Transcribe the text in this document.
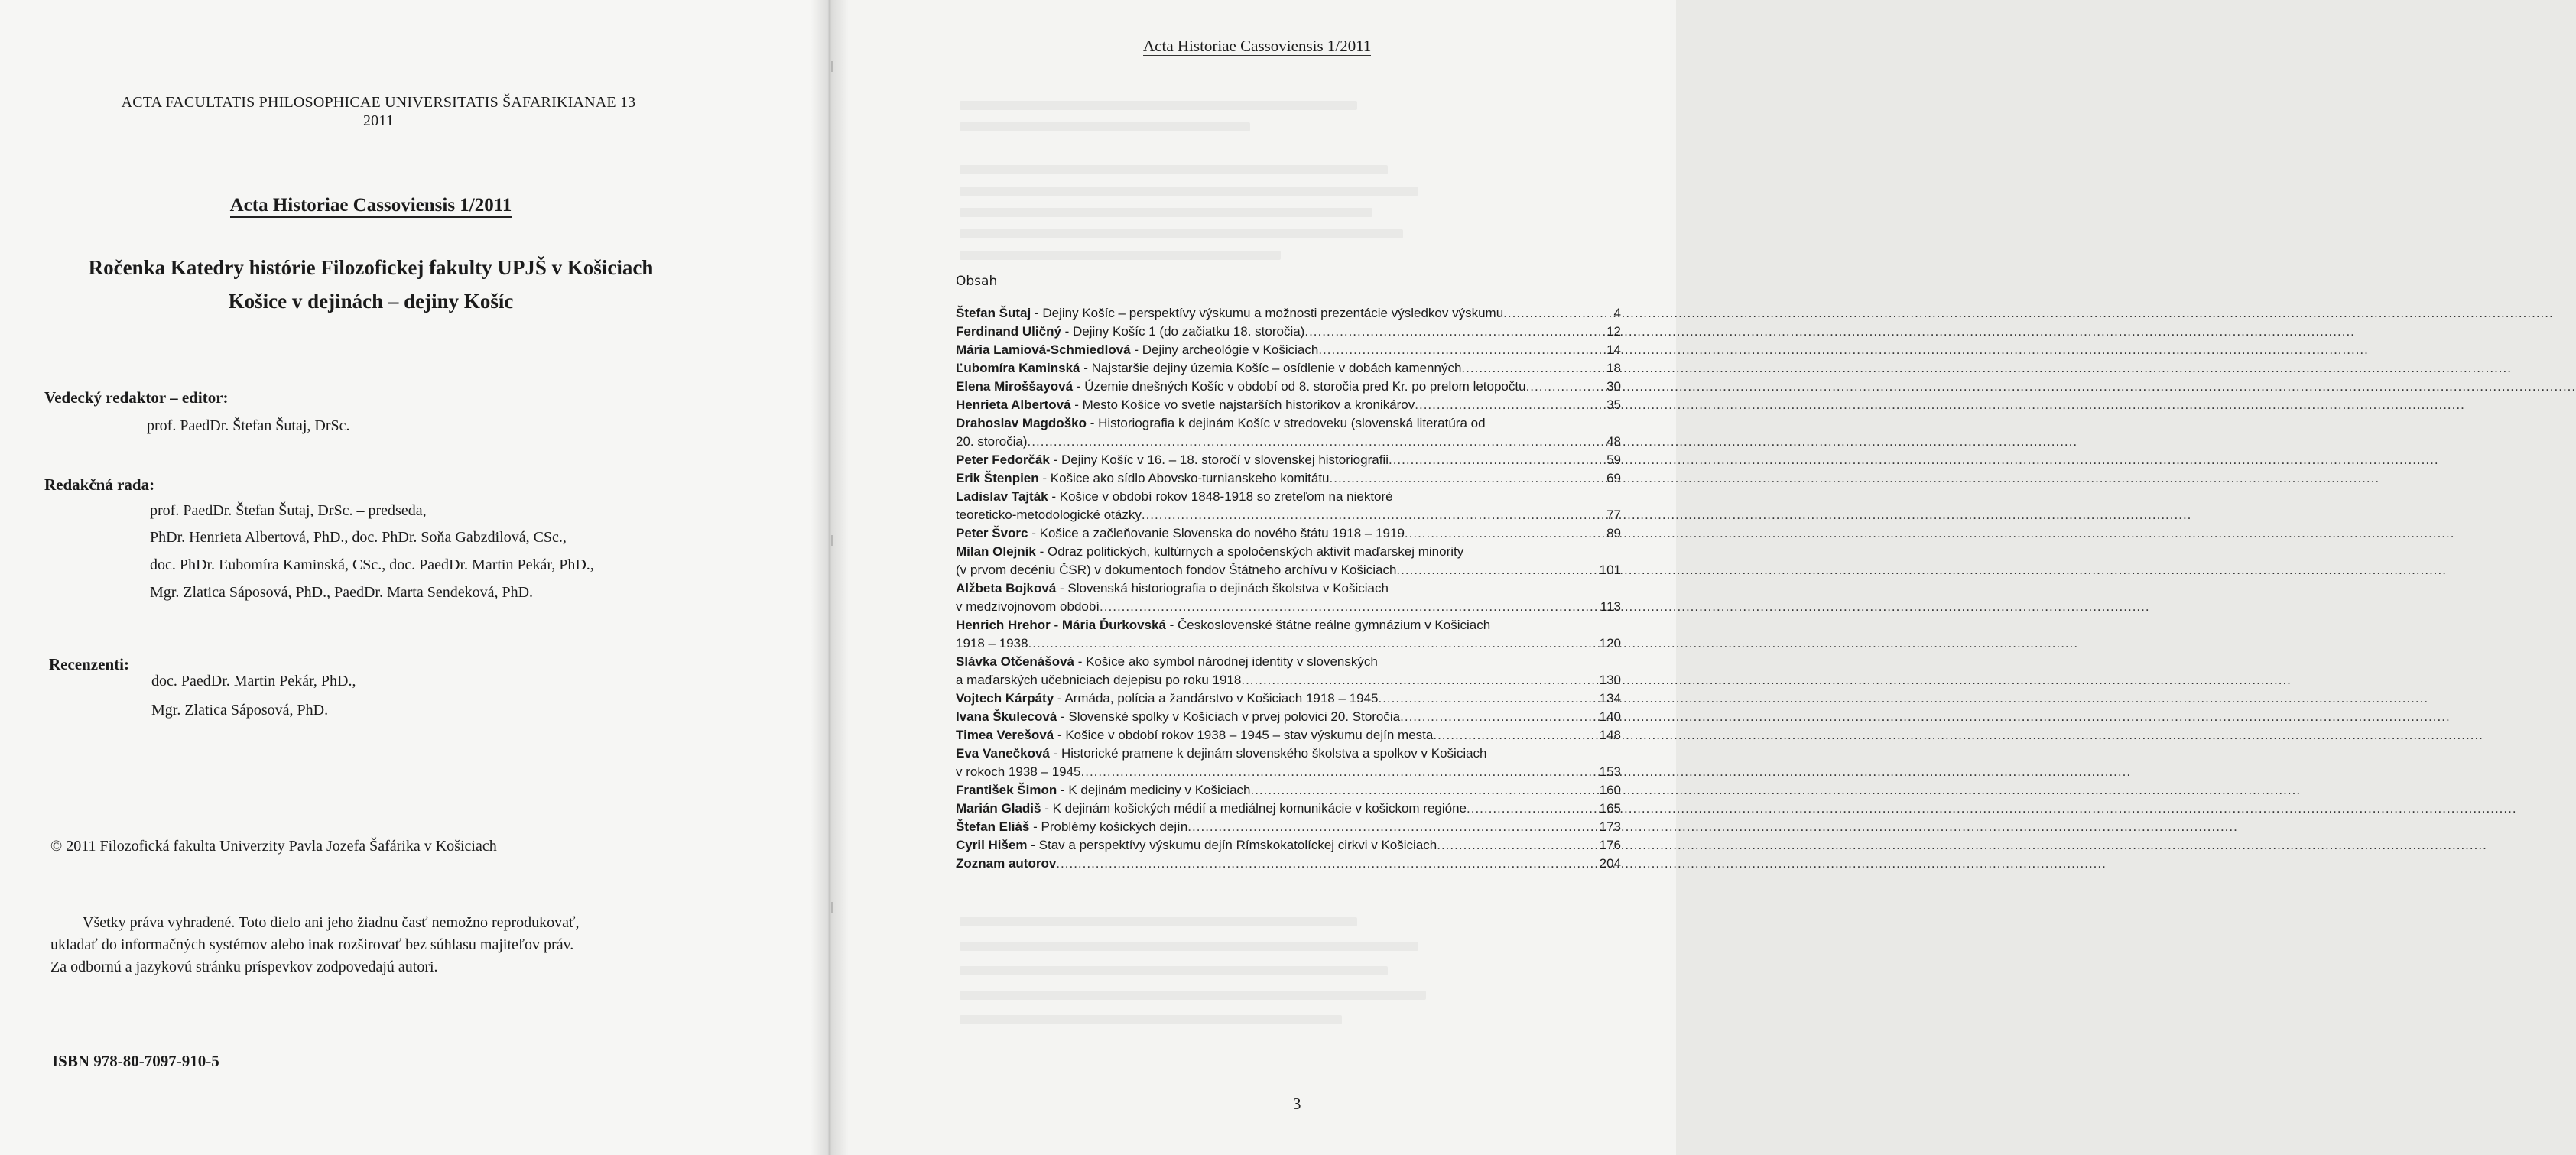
ACTA FACULTATIS PHILOSOPHICAE UNIVERSITATIS ŠAFARIKIANAE 13
2011
Acta Historiae Cassoviensis 1/2011
Ročenka Katedry histórie Filozofickej fakulty UPJŠ v Košiciach
Košice v dejinách – dejiny Košíc
Vedecký redaktor – editor:
prof. PaedDr. Štefan Šutaj, DrSc.
Redakčná rada:
prof. PaedDr. Štefan Šutaj, DrSc. – predseda,
PhDr. Henrieta Albertová, PhD., doc. PhDr. Soňa Gabzdilová, CSc.,
doc. PhDr. Ľubomíra Kaminská, CSc., doc. PaedDr. Martin Pekár, PhD.,
Mgr. Zlatica Sáposová, PhD., PaedDr. Marta Sendeková, PhD.
Recenzenti:
doc. PaedDr. Martin Pekár, PhD.,
Mgr. Zlatica Sáposová, PhD.
© 2011 Filozofická fakulta Univerzity Pavla Jozefa Šafárika v Košiciach
Všetky práva vyhradené. Toto dielo ani jeho žiadnu časť nemožno reprodukovať,
ukladať do informačných systémov alebo inak rozširovať bez súhlasu majiteľov práv.
Za odbornú a jazykovú stránku príspevkov zodpovedajú autori.
ISBN 978-80-7097-910-5
Acta Historiae Cassoviensis 1/2011
Obsah
Štefan Šutaj - Dejiny Košíc – perspektívy výskumu a možnosti prezentácie výsledkov výskumu .....	4
Ferdinand Uličný - Dejiny Košíc 1 (do začiatku 18. storočia) .....	12
Mária Lamiová-Schmiedlová - Dejiny archeológie v Košiciach .....	14
Ľubomíra Kaminská - Najstaršie dejiny územia Košíc – osídlenie v dobách kamenných .....	18
Elena Miroššayová - Územie dnešných Košíc v období od 8. storočia pred Kr. po prelom letopočtu .....	30
Henrieta Albertová - Mesto Košice vo svetle najstarších historikov a kronikárov .....	35
Drahoslav Magdoško - Historiografia k dejinám Košíc v stredoveku (slovenská literatúra od
20. storočia) .....	48
Peter Fedorčák - Dejiny Košíc v 16. – 18. storočí v slovenskej historiografii .....	59
Erik Štenpien - Košice ako sídlo Abovsko-turnianskeho komitátu .....	69
Ladislav Tajták - Košice v období rokov 1848-1918 so zreteľom na niektoré
teoreticko-metodologické otázky .....	77
Peter Švorc - Košice a začleňovanie Slovenska do nového štátu 1918 – 1919 .....	89
Milan Olejník - Odraz politických, kultúrnych a spoločenských aktivít maďarskej minority
(v prvom decéniu ČSR) v dokumentoch fondov Štátneho archívu v Košiciach .....	101
Alžbeta Bojková - Slovenská historiografia o dejinách školstva v Košiciach
v medzivojnovom období .....	113
Henrich Hrehor - Mária Ďurkovská - Československé štátne reálne gymnázium v Košiciach
1918 – 1938 .....	120
Slávka Otčenášová - Košice ako symbol národnej identity v slovenských
a maďarských učebniciach dejepisu po roku 1918 .....	130
Vojtech Kárpáty - Armáda, polícia a žandárstvo v Košiciach 1918 – 1945 .....	134
Ivana Škulecová - Slovenské spolky v Košiciach v prvej polovici 20. Storočia .....	140
Timea Verešová - Košice v období rokov 1938 – 1945 – stav výskumu dejín mesta .....	148
Eva Vanečková - Historické pramene k dejinám slovenského školstva a spolkov v Košiciach
v rokoch 1938 – 1945 .....	153
František Šimon - K dejinám mediciny v Košiciach .....	160
Marián Gladiš - K dejinám košických médií a mediálnej komunikácie v košickom regióne .....	165
Štefan Eliáš - Problémy košických dejín .....	173
Cyril Hišem - Stav a perspektívy výskumu dejín Rímskokatolíckej cirkvi v Košiciach .....	176
Zoznam autorov .....	204
3
